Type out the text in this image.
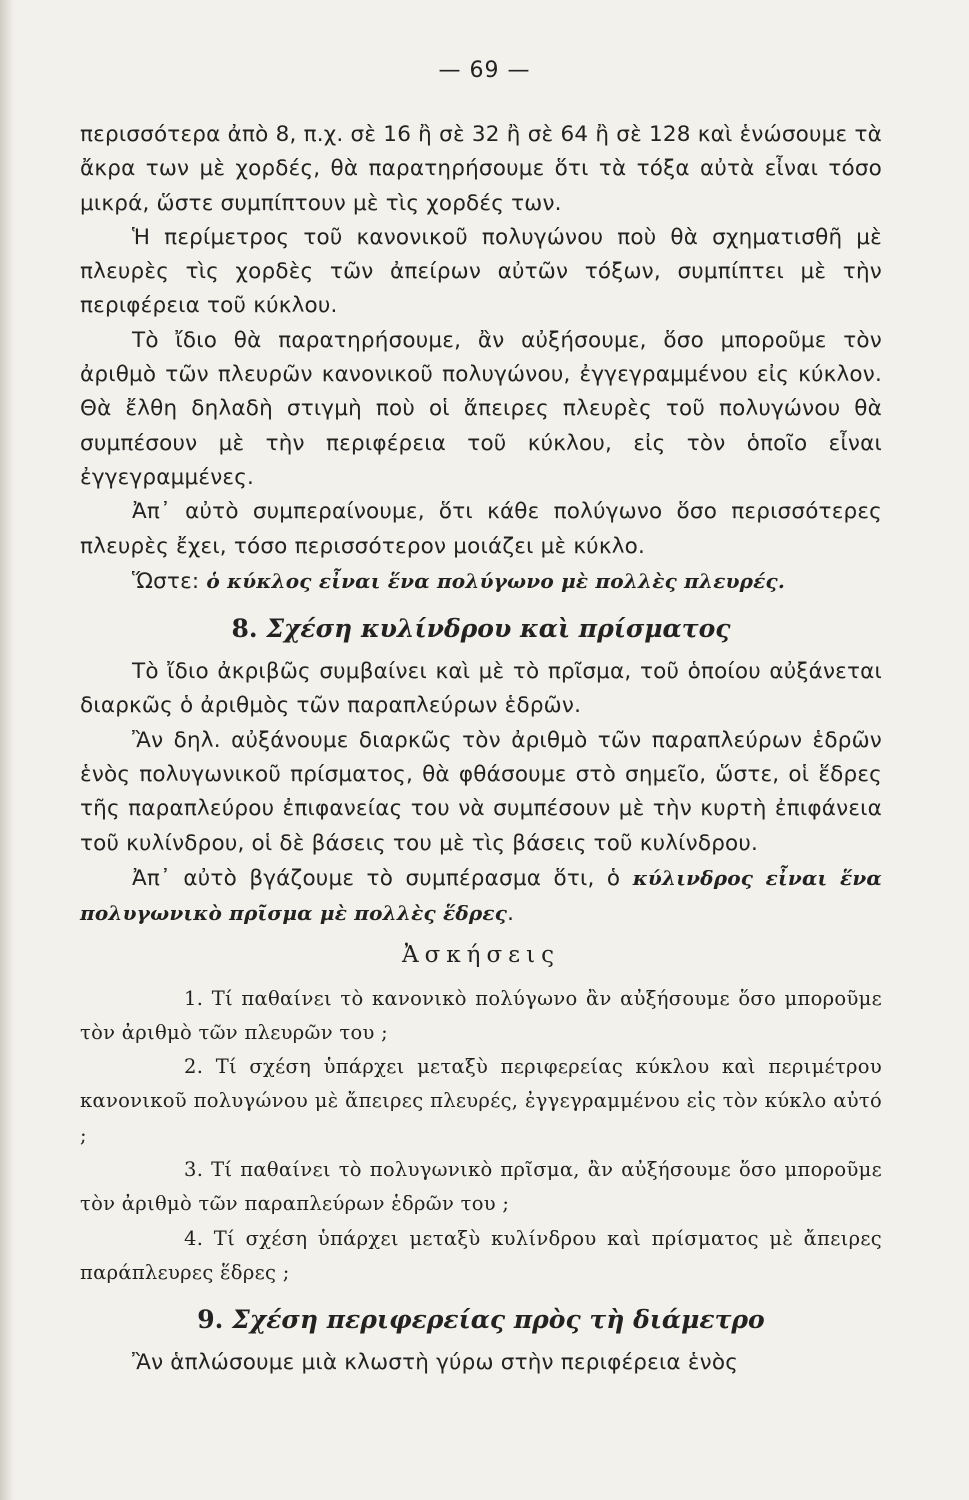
— 69 —

περισσότερα ἀπὸ 8, π.χ. σὲ 16 ἢ σὲ 32 ἢ σὲ 64 ἢ σὲ 128 καὶ ἑνώσουμε τὰ ἄκρα των μὲ χορδές, θὰ παρατηρήσουμε ὅτι τὰ τόξα αὐτὰ εἶναι τόσο μικρά, ὥστε συμπίπτουν μὲ τὶς χορδές των.

Ἡ περίμετρος τοῦ κανονικοῦ πολυγώνου ποὺ θὰ σχηματισθῆ μὲ πλευρὲς τὶς χορδὲς τῶν ἀπείρων αὐτῶν τόξων, συμπίπτει μὲ τὴν περιφέρεια τοῦ κύκλου.

Τὸ ἴδιο θὰ παρατηρήσουμε, ἂν αὐξήσουμε, ὅσο μποροῦμε τὸν ἀριθμὸ τῶν πλευρῶν κανονικοῦ πολυγώνου, ἐγγεγραμμένου εἰς κύκλον. Θὰ ἔλθη δηλαδὴ στιγμὴ ποὺ οἱ ἄπειρες πλευρὲς τοῦ πολυγώνου θὰ συμπέσουν μὲ τὴν περιφέρεια τοῦ κύκλου, εἰς τὸν ὁποῖο εἶναι ἐγγεγραμμένες.

Ἀπ᾿ αὐτὸ συμπεραίνουμε, ὅτι κάθε πολύγωνο ὅσο περισσότερες πλευρὲς ἔχει, τόσο περισσότερον μοιάζει μὲ κύκλο.

Ὥστε: ὁ κύκλος εἶναι ἕνα πολύγωνο μὲ πολλὲς πλευρές.

8. Σχέση κυλίνδρου καὶ πρίσματος

Τὸ ἴδιο ἀκριβῶς συμβαίνει καὶ μὲ τὸ πρῖσμα, τοῦ ὁποίου αὐξάνεται διαρκῶς ὁ ἀριθμὸς τῶν παραπλεύρων ἑδρῶν.

Ἂν δηλ. αὐξάνουμε διαρκῶς τὸν ἀριθμὸ τῶν παραπλεύρων ἑδρῶν ἑνὸς πολυγωνικοῦ πρίσματος, θὰ φθάσουμε στὸ σημεῖο, ὥστε, οἱ ἕδρες τῆς παραπλεύρου ἐπιφανείας του νὰ συμπέσουν μὲ τὴν κυρτὴ ἐπιφάνεια τοῦ κυλίνδρου, οἱ δὲ βάσεις του μὲ τὶς βάσεις τοῦ κυλίνδρου.

Ἀπ᾿ αὐτὸ βγάζουμε τὸ συμπέρασμα ὅτι, ὁ κύλινδρος εἶναι ἕνα πολυγωνικὸ πρῖσμα μὲ πολλὲς ἕδρες.

Ἀσκήσεις

1. Τί παθαίνει τὸ κανονικὸ πολύγωνο ἂν αὐξήσουμε ὅσο μποροῦμε τὸν ἀριθμὸ τῶν πλευρῶν του ;

2. Τί σχέση ὑπάρχει μεταξὺ περιφερείας κύκλου καὶ περιμέτρου κανονικοῦ πολυγώνου μὲ ἄπειρες πλευρές, ἐγγεγραμμένου εἰς τὸν κύκλο αὐτό ;

3. Τί παθαίνει τὸ πολυγωνικὸ πρῖσμα, ἂν αὐξήσουμε ὅσο μποροῦμε τὸν ἀριθμὸ τῶν παραπλεύρων ἑδρῶν του ;

4. Τί σχέση ὑπάρχει μεταξὺ κυλίνδρου καὶ πρίσματος μὲ ἄπειρες παράπλευρες ἕδρες ;

9. Σχέση περιφερείας πρὸς τὴ διάμετρο

Ἂν ἁπλώσουμε μιὰ κλωστὴ γύρω στὴν περιφέρεια ἑνὸς
